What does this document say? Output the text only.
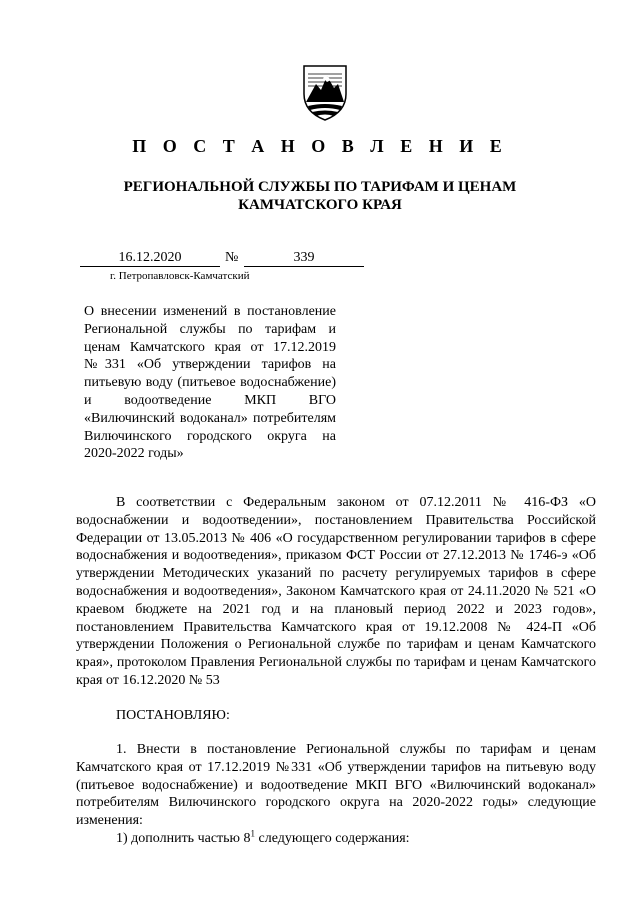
П О С Т А Н О В Л Е Н И Е
РЕГИОНАЛЬНОЙ СЛУЖБЫ ПО ТАРИФАМ И ЦЕНАМ КАМЧАТСКОГО КРАЯ
16.12.2020	№	339
г. Петропавловск-Камчатский
О внесении изменений в постановление Региональной службы по тарифам и ценам Камчатского края от 17.12.2019 №331 «Об утверждении тарифов на питьевую воду (питьевое водоснабжение) и водоотведение МКП ВГО «Вилючинский водоканал» потребителям Вилючинского городского округа на 2020-2022 годы»
В соответствии с Федеральным законом от 07.12.2011 № 416-ФЗ «О водоснабжении и водоотведении», постановлением Правительства Российской Федерации от 13.05.2013 № 406 «О государственном регулировании тарифов в сфере водоснабжения и водоотведения», приказом ФСТ России от 27.12.2013 № 1746-э «Об утверждении Методических указаний по расчету регулируемых тарифов в сфере водоснабжения и водоотведения», Законом Камчатского края от 24.11.2020 № 521 «О краевом бюджете на 2021 год и на плановый период 2022 и 2023 годов», постановлением Правительства Камчатского края от 19.12.2008 № 424-П «Об утверждении Положения о Региональной службе по тарифам и ценам Камчатского края», протоколом Правления Региональной службы по тарифам и ценам Камчатского края от 16.12.2020 № 53
ПОСТАНОВЛЯЮ:
1. Внести в постановление Региональной службы по тарифам и ценам Камчатского края от 17.12.2019 №331 «Об утверждении тарифов на питьевую воду (питьевое водоснабжение) и водоотведение МКП ВГО «Вилючинский водоканал» потребителям Вилючинского городского округа на 2020-2022 годы» следующие изменения:
1) дополнить частью $8^1$ следующего содержания:
